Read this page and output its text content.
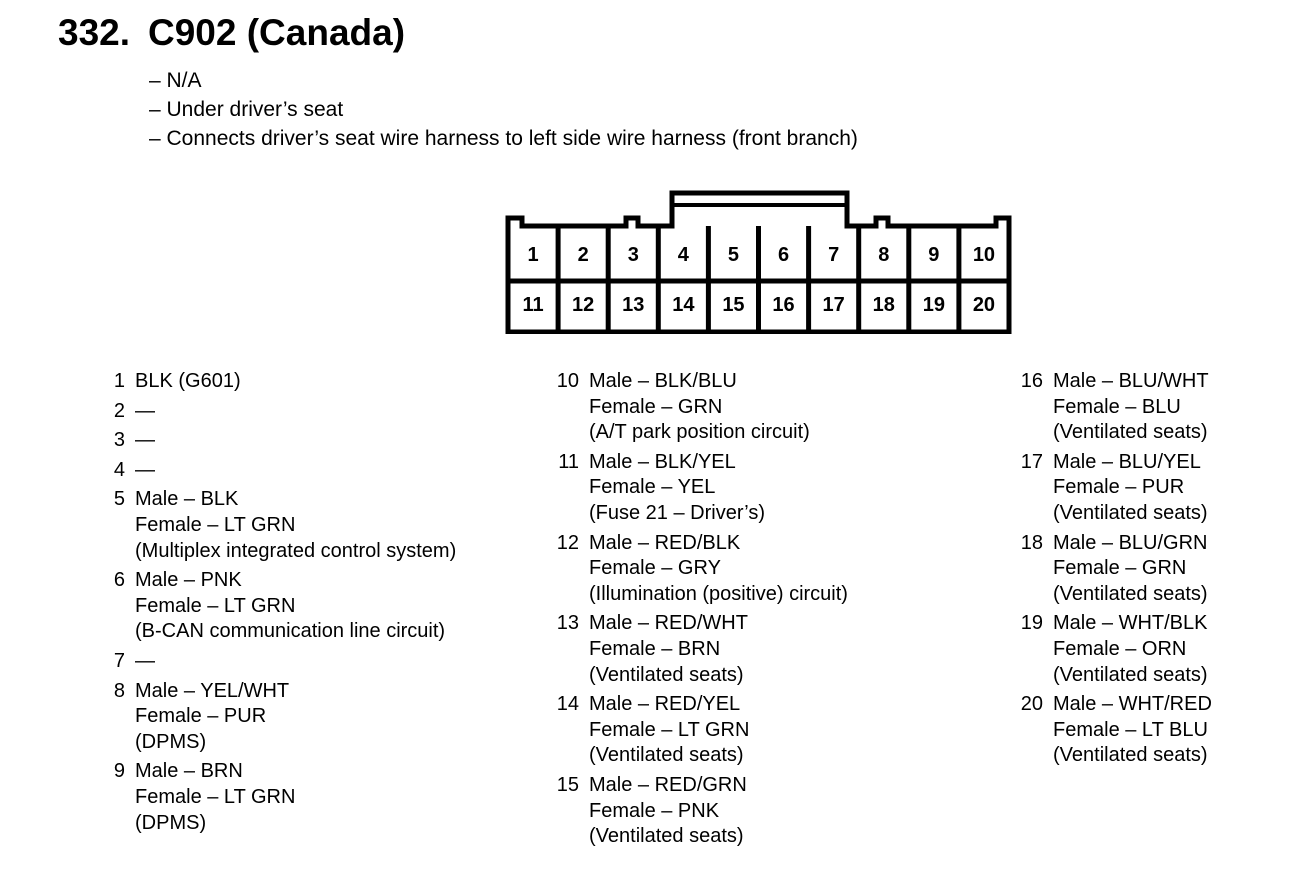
332. C902 (Canada)
– N/A
– Under driver’s seat
– Connects driver’s seat wire harness to left side wire harness (front branch)
1 2 3 4 5 6 7 8 9 10
11 12 13 14 15 16 17 18 19 20
1 BLK (G601)
2 —
3 —
4 —
5 Male – BLK
Female – LT GRN
(Multiplex integrated control system)
6 Male – PNK
Female – LT GRN
(B-CAN communication line circuit)
7 —
8 Male – YEL/WHT
Female – PUR
(DPMS)
9 Male – BRN
Female – LT GRN
(DPMS)
10 Male – BLK/BLU
Female – GRN
(A/T park position circuit)
11 Male – BLK/YEL
Female – YEL
(Fuse 21 – Driver’s)
12 Male – RED/BLK
Female – GRY
(Illumination (positive) circuit)
13 Male – RED/WHT
Female – BRN
(Ventilated seats)
14 Male – RED/YEL
Female – LT GRN
(Ventilated seats)
15 Male – RED/GRN
Female – PNK
(Ventilated seats)
16 Male – BLU/WHT
Female – BLU
(Ventilated seats)
17 Male – BLU/YEL
Female – PUR
(Ventilated seats)
18 Male – BLU/GRN
Female – GRN
(Ventilated seats)
19 Male – WHT/BLK
Female – ORN
(Ventilated seats)
20 Male – WHT/RED
Female – LT BLU
(Ventilated seats)
